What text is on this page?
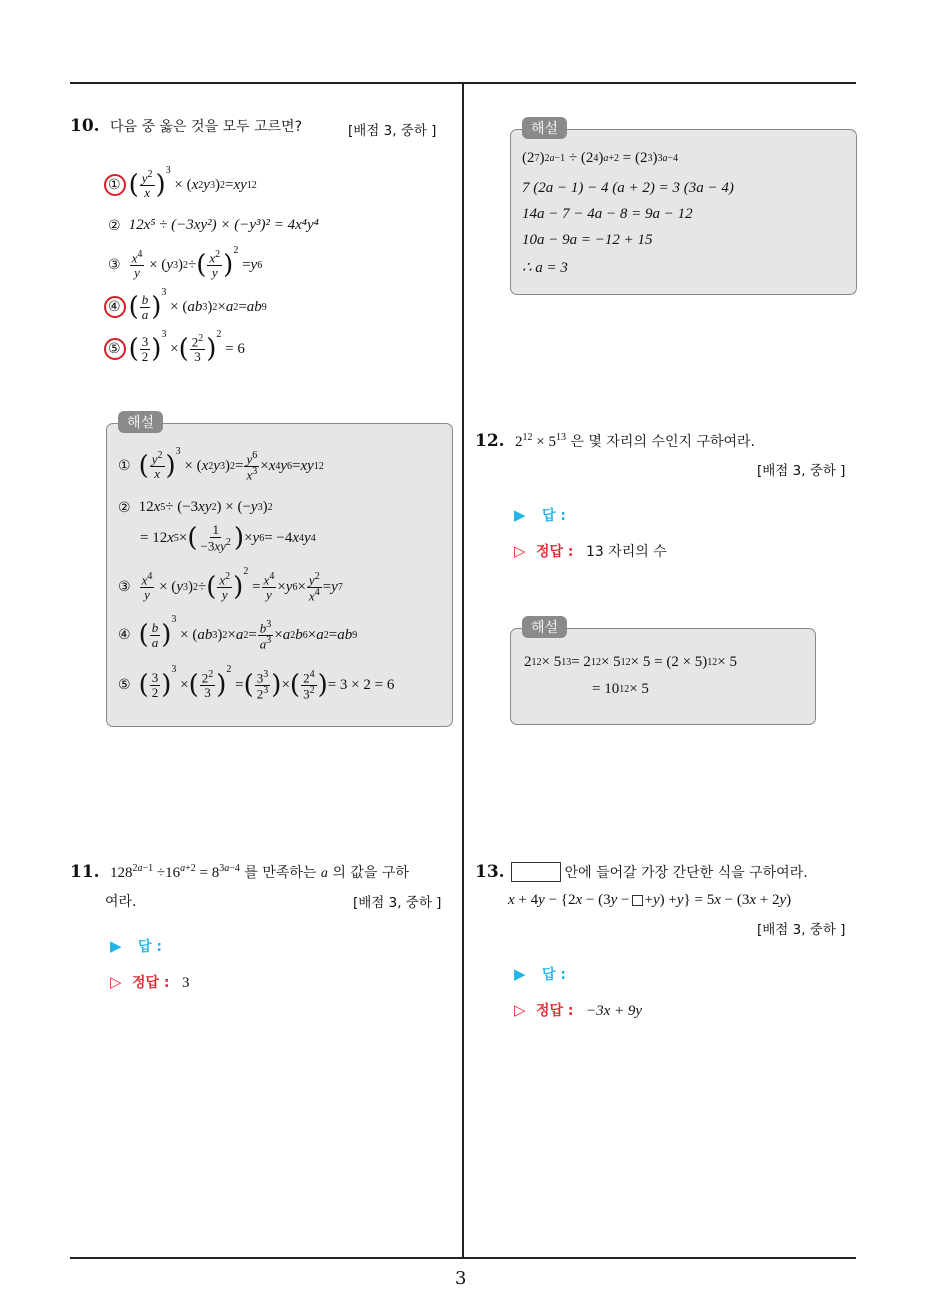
3
10. 다음 중 옳은 것을 모두 고르면?	[배점 3, 중하 ]
① ( $\frac{y^2}{x} )^3$
× ( x 2 y 3 ) 2 = xy 12
② 12x⁵ ÷ (−3xy²) × (−y³)² = 4x⁴y⁴
③ $\frac{x^4}{y}$ × ( y 3 ) 2 ÷ ( $\frac{x^2}{y} )^2$
= y 6
④ ( $\frac{b}{a} )^3$
× ( ab 3 ) 2 × a 2 = ab 9
⑤ ( $\frac{3}{2} )^3$
× ( $\frac{2^2}{3} )^2$
= 6
해설
① ( $\frac{y^2}{x} )^3$
× ( x 2 y 3 ) $2 = \frac{y^6}{x^3} \times x$ 4 y 6 = xy 12
② 12 x 5 ÷ (−3 xy 2 ) × (− y 3 ) 2
= 12 x 5 × ( $\frac{1}{-3xy^2}$ ) × y 6 = −4 x 4 y 4
③ $\frac{x^4}{y}$ × ( y 3 ) 2 ÷ ( $\frac{x^2}{y}$ )
$^2$
= $\frac{x^4}{y} \times y$ $6 \times \frac{y^2}{x^4} = y$ 7
④ ( $\frac{b}{a}$ )
$^3$
× ( ab 3 ) 2 × a $2 = \frac{b^3}{a^3} \times a$ 2 b 6 × a 2 = ab 9
⑤ ( $\frac{3}{2}$ )
$^3$
× ( $\frac{2^2}{3}$ )
$^2$
= ( $\frac{3^3}{2^3}$ ) × ( $\frac{2^4}{3^2}$ ) = 3 × 2 = 6
11. $128^{2a-1} \div 16^{a+2} = 8^{3a-4}$ 를 만족하는 a 의 값을 구하
여라.	[배점 3, 중하 ]
▶ 답 :
▷ 정답 : 3
해설
(2 7 ) 2a−1 ÷ (2 4 ) a+2 = (2 3 ) 3a−4
7 (2a − 1) − 4 (a + 2) = 3 (3a − 4)
14a − 7 − 4a − 8 = 9a − 12
10a − 9a = −12 + 15
∴ a = 3
12. $2^{12} \times 5^{13}$ 은 몇 자리의 수인지 구하여라.
[배점 3, 중하 ]
▶ 답 :
▷ 정답 : 13 자리의 수
해설
2 12 × 5 13 = 2 12 × 5 12 × 5 = (2 × 5) 12 × 5
= 10 12 × 5
13.	안에 들어갈 가장 간단한 식을 구하여라.
x + 4 y − {2 x − (3 y − + y ) + y } = 5 x − (3 x + 2 y )
[배점 3, 중하 ]
▶ 답 :
▷ 정답 : −3x + 9y
